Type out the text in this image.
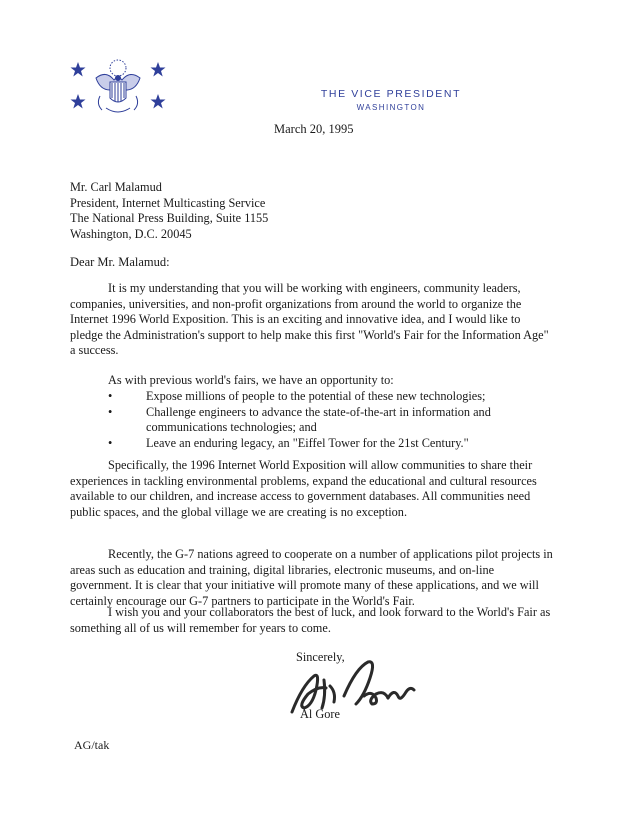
THE VICE PRESIDENT

WASHINGTON

March 20, 1995
Mr. Carl Malamud
President, Internet Multicasting Service
The National Press Building, Suite 1155
Washington, D.C. 20045
Dear Mr. Malamud:

It is my understanding that you will be working with engineers, community leaders, companies, universities, and non-profit organizations from around the world to organize the Internet 1996 World Exposition. This is an exciting and innovative idea, and I would like to pledge the Administration's support to help make this first "World's Fair for the Information Age" a success.

As with previous world's fairs, we have an opportunity to:
•	Expose millions of people to the potential of these new technologies;
•	Challenge engineers to advance the state-of-the-art in information and communications technologies; and
•	Leave an enduring legacy, an "Eiffel Tower for the 21st Century."

Specifically, the 1996 Internet World Exposition will allow communities to share their experiences in tackling environmental problems, expand the educational and cultural resources available to our children, and increase access to government databases. All communities need public spaces, and the global village we are creating is no exception.

Recently, the G-7 nations agreed to cooperate on a number of applications pilot projects in areas such as education and training, digital libraries, electronic museums, and on-line government. It is clear that your initiative will promote many of these applications, and we will certainly encourage our G-7 partners to participate in the World's Fair.

I wish you and your collaborators the best of luck, and look forward to the World's Fair as something all of us will remember for years to come.

Sincerely,
Al Gore
AG/tak
